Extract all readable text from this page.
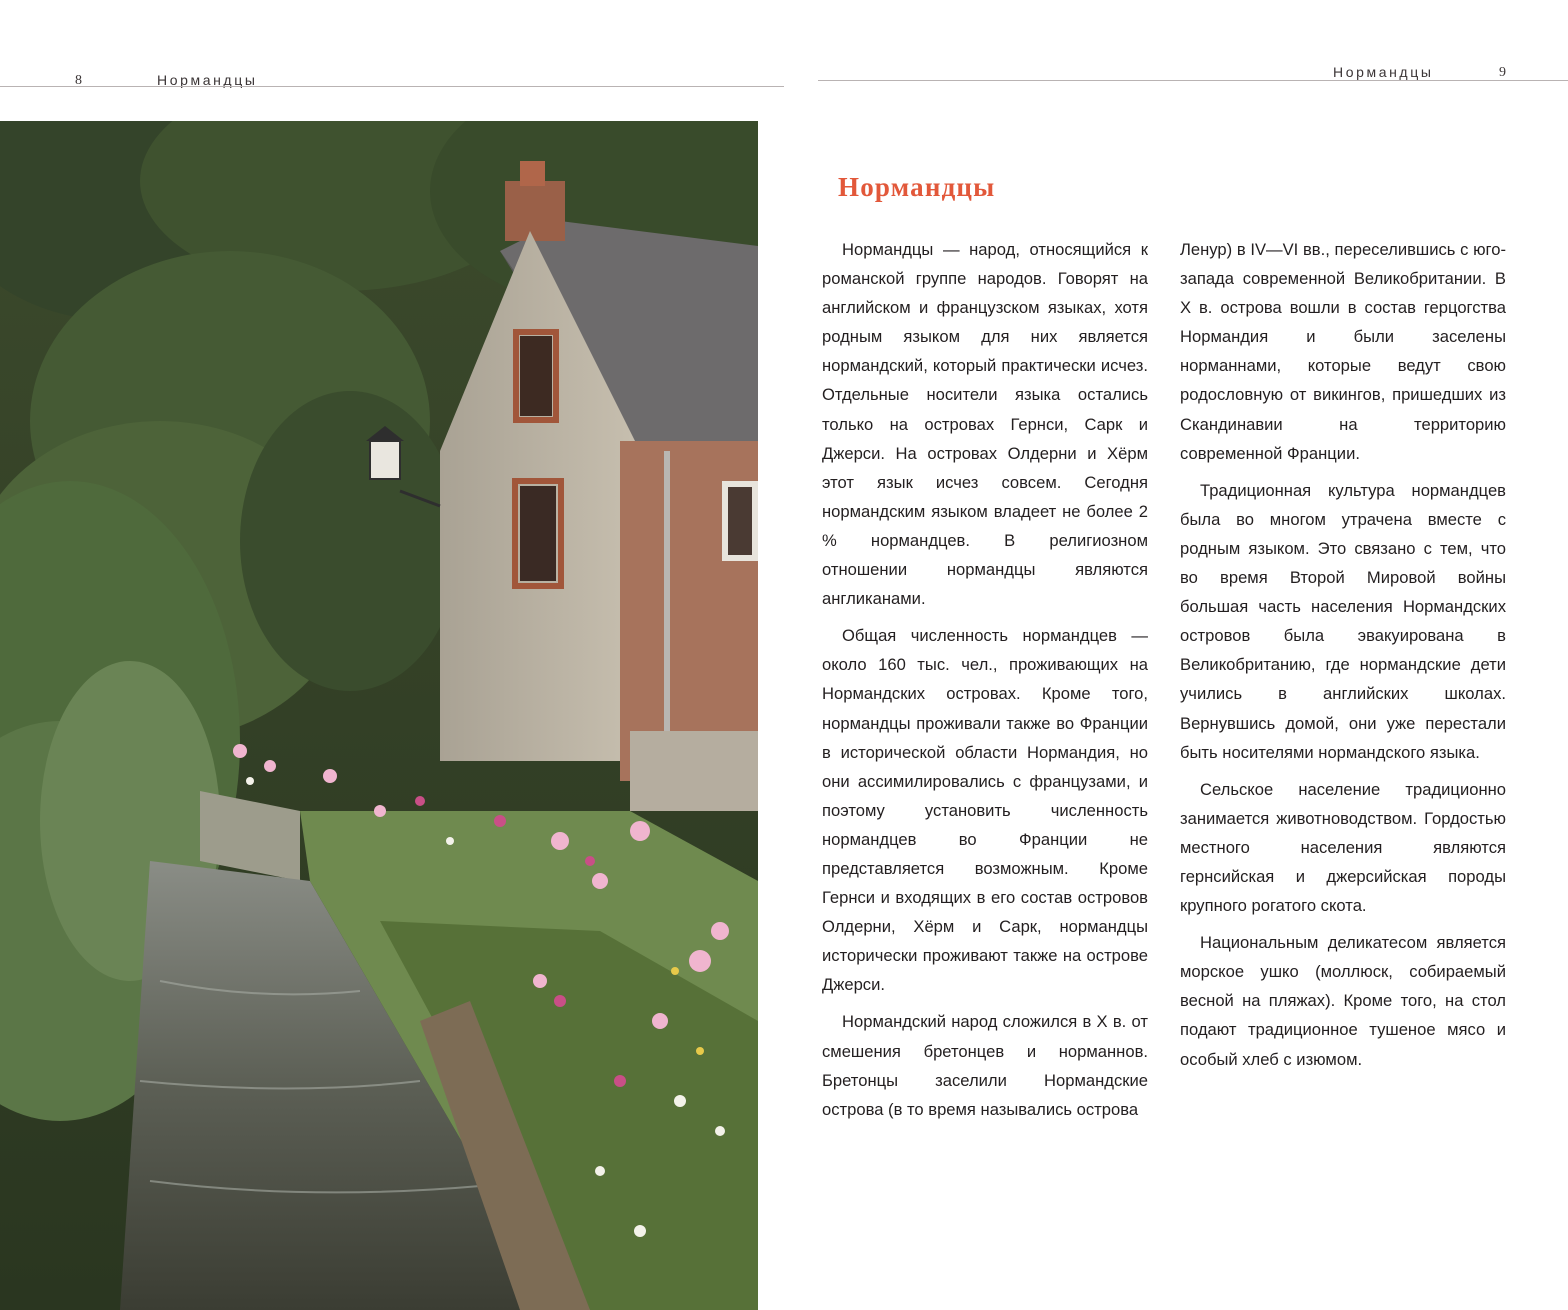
8	Нормандцы	Нормандцы	9
Нормандцы

Нормандцы — народ, относящийся к романской группе народов. Говорят на английском и французском языках, хотя родным языком для них является нормандский, который практически исчез. Отдельные носители языка остались только на островах Гернси, Сарк и Джерси. На островах Олдерни и Хёрм этот язык исчез совсем. Сегодня нормандским языком владеет не более 2 % нормандцев. В религиозном отношении нормандцы являются англиканами.

Общая численность нормандцев — около 160 тыс. чел., проживающих на Нормандских островах. Кроме того, нормандцы проживали также во Франции в исторической области Нормандия, но они ассимилировались с французами, и поэтому установить численность нормандцев во Франции не представляется возможным. Кроме Гернси и входящих в его состав островов Олдерни, Хёрм и Сарк, нормандцы исторически проживают также на острове Джерси.

Нормандский народ сложился в X в. от смешения бретонцев и норманнов. Бретонцы заселили Нормандские острова (в то время назывались острова

Ленур) в IV—VI вв., переселившись с юго-запада современной Великобритании. В X в. острова вошли в состав герцогства Нормандия и были заселены норманнами, которые ведут свою родословную от викингов, пришедших из Скандинавии на территорию современной Франции.

Традиционная культура нормандцев была во многом утрачена вместе с родным языком. Это связано с тем, что во время Второй Мировой войны большая часть населения Нормандских островов была эвакуирована в Великобританию, где нормандские дети учились в английских школах. Вернувшись домой, они уже перестали быть носителями нормандского языка.

Сельское население традиционно занимается животноводством. Гордостью местного населения являются гернсийская и джерсийская породы крупного рогатого скота.

Национальным деликатесом является морское ушко (моллюск, собираемый весной на пляжах). Кроме того, на стол подают традиционное тушеное мясо и особый хлеб с изюмом.
